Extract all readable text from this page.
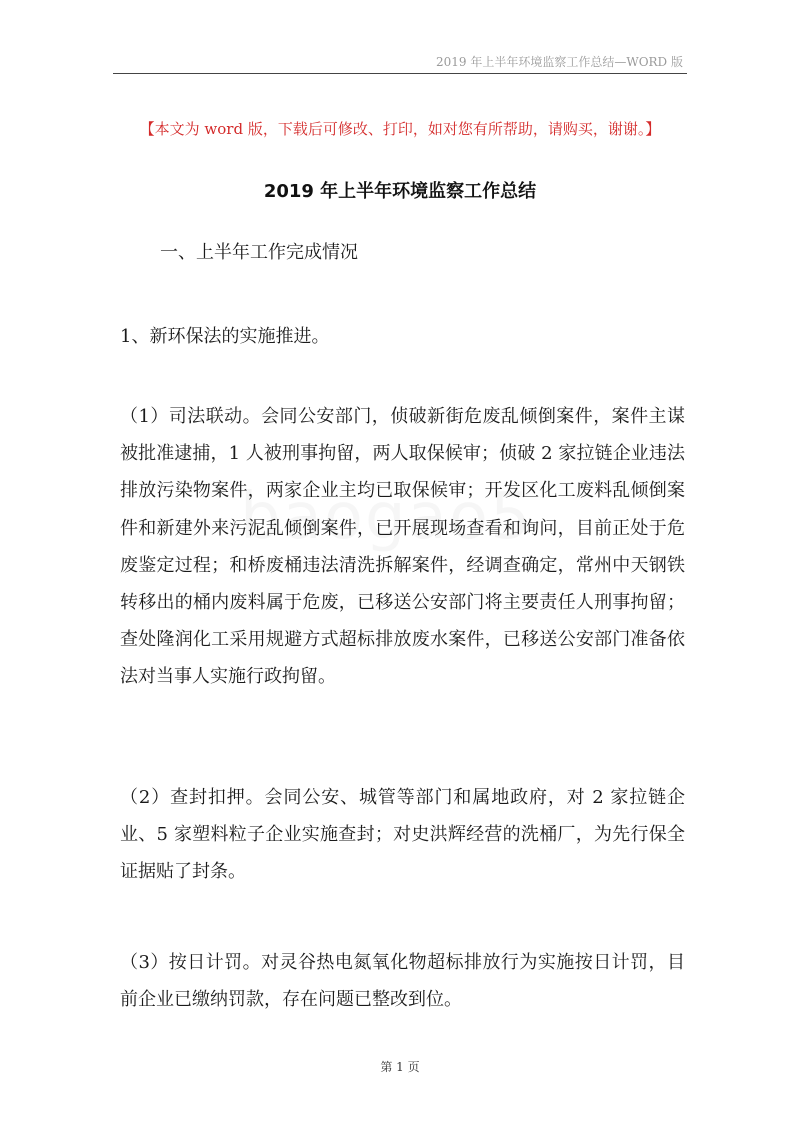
2019 年上半年环境监察工作总结—WORD 版
【本文为 word 版，下载后可修改、打印，如对您有所帮助，请购买，谢谢。】
2019 年上半年环境监察工作总结
一、上半年工作完成情况
1、新环保法的实施推进。
（1）司法联动。会同公安部门，侦破新街危废乱倾倒案件，案件主谋被批准逮捕，1 人被刑事拘留，两人取保候审；侦破 2 家拉链企业违法排放污染物案件，两家企业主均已取保候审；开发区化工废料乱倾倒案件和新建外来污泥乱倾倒案件，已开展现场查看和询问，目前正处于危废鉴定过程；和桥废桶违法清洗拆解案件，经调查确定，常州中天钢铁转移出的桶内废料属于危废，已移送公安部门将主要责任人刑事拘留；查处隆润化工采用规避方式超标排放废水案件，已移送公安部门准备依法对当事人实施行政拘留。
（2）查封扣押。会同公安、城管等部门和属地政府，对 2 家拉链企业、5 家塑料粒子企业实施查封；对史洪辉经营的洗桶厂，为先行保全证据贴了封条。
（3）按日计罚。对灵谷热电氮氧化物超标排放行为实施按日计罚，目前企业已缴纳罚款，存在问题已整改到位。
第 1 页
